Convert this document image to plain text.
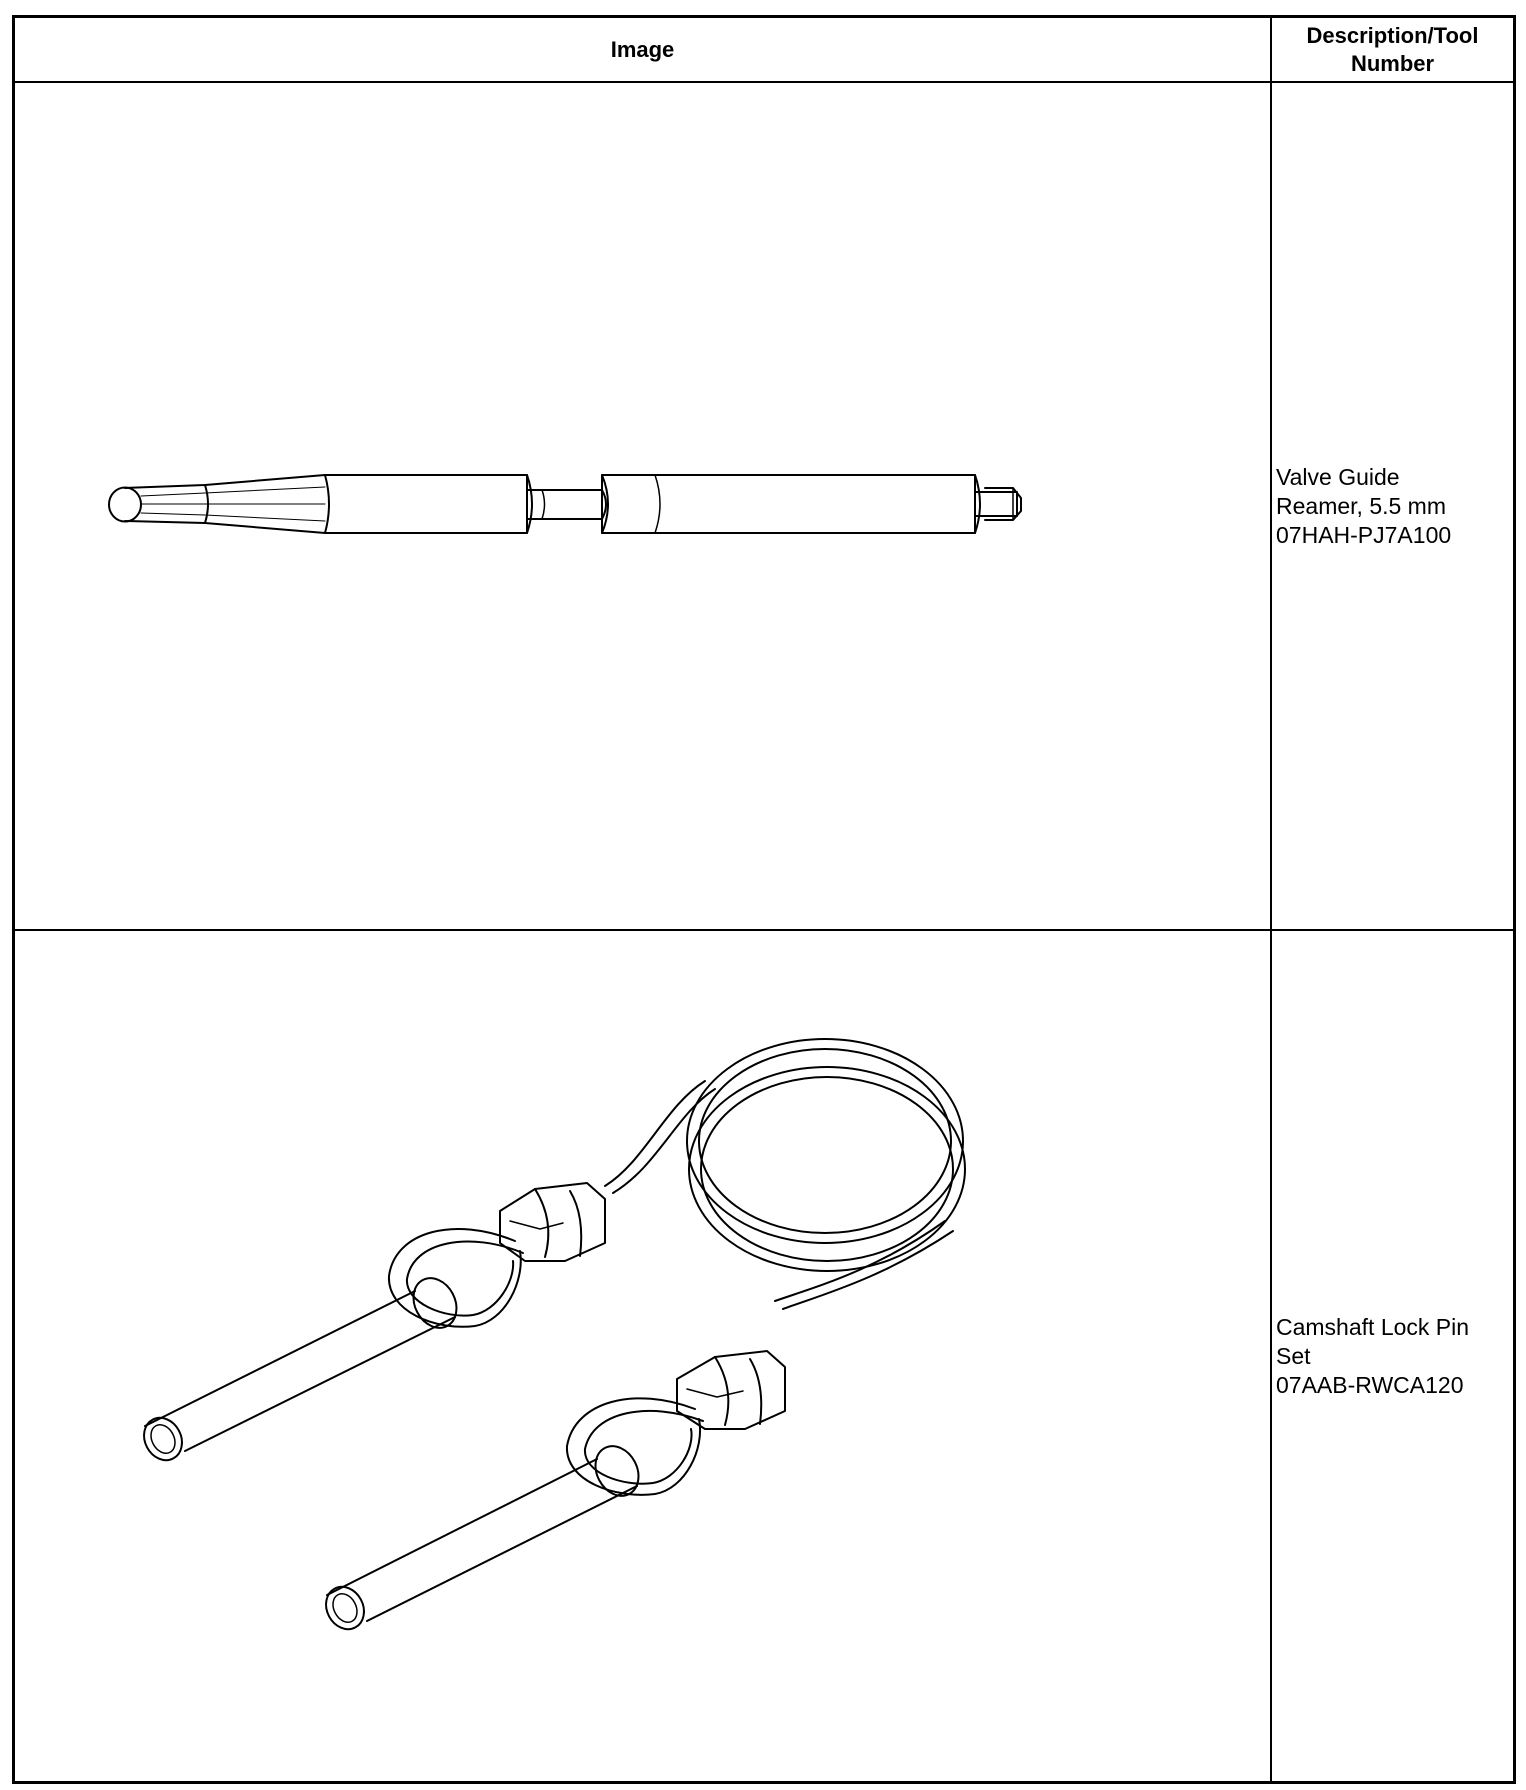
Image
Description/Tool Number
Valve Guide
Reamer, 5.5 mm
07HAH-PJ7A100
Camshaft Lock Pin
Set
07AAB-RWCA120
